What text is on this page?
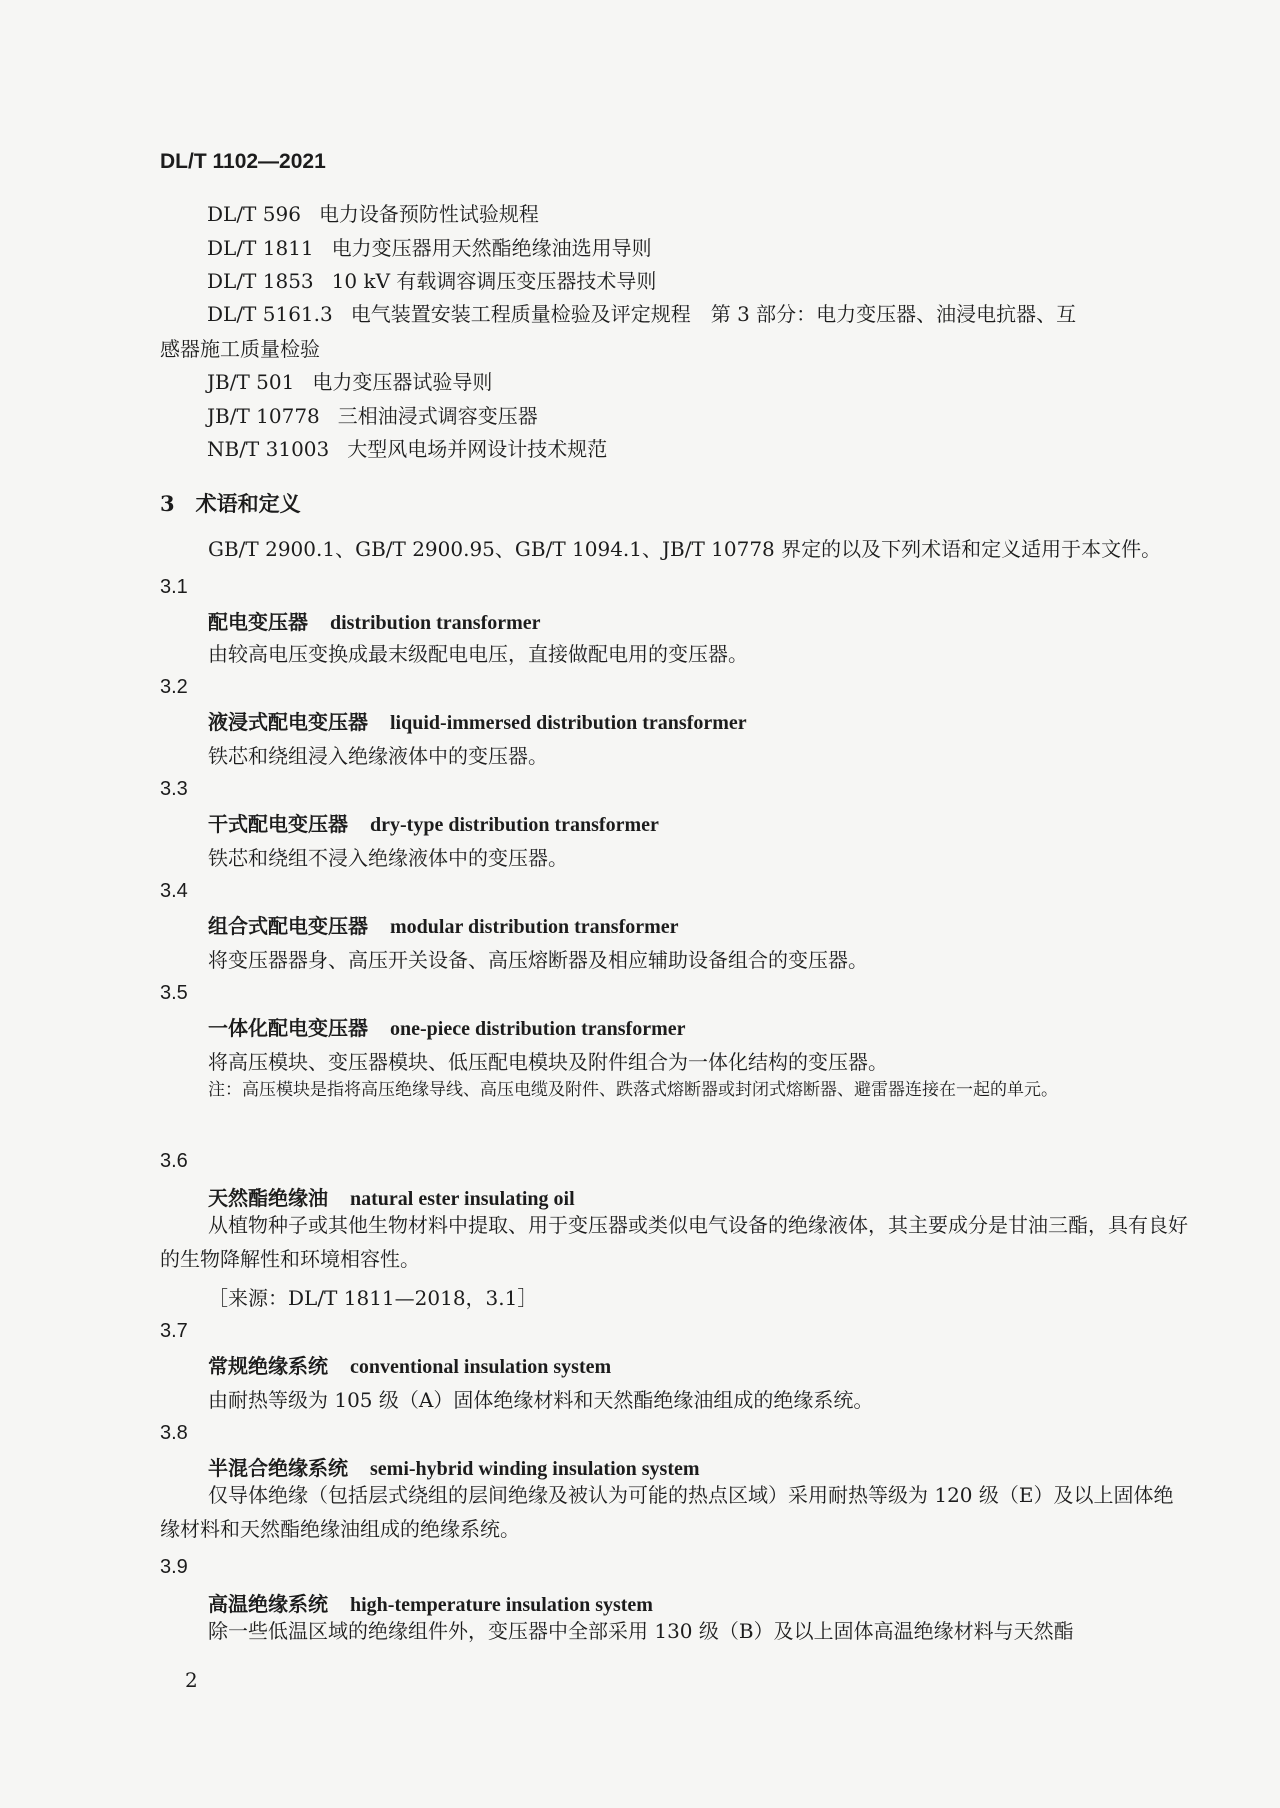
DL/T 1102—2021
DL/T 596 电力设备预防性试验规程
DL/T 1811 电力变压器用天然酯绝缘油选用导则
DL/T 1853 10 kV 有载调容调压变压器技术导则
DL/T 5161.3 电气装置安装工程质量检验及评定规程　第 3 部分：电力变压器、油浸电抗器、互
感器施工质量检验
JB/T 501 电力变压器试验导则
JB/T 10778 三相油浸式调容变压器
NB/T 31003 大型风电场并网设计技术规范
3　术语和定义
GB/T 2900.1、GB/T 2900.95、GB/T 1094.1、JB/T 10778 界定的以及下列术语和定义适用于本文件。
3.1
配电变压器 distribution transformer
由较高电压变换成最末级配电电压，直接做配电用的变压器。
3.2
液浸式配电变压器 liquid-immersed distribution transformer
铁芯和绕组浸入绝缘液体中的变压器。
3.3
干式配电变压器 dry-type distribution transformer
铁芯和绕组不浸入绝缘液体中的变压器。
3.4
组合式配电变压器 modular distribution transformer
将变压器器身、高压开关设备、高压熔断器及相应辅助设备组合的变压器。
3.5
一体化配电变压器 one-piece distribution transformer
将高压模块、变压器模块、低压配电模块及附件组合为一体化结构的变压器。
注：高压模块是指将高压绝缘导线、高压电缆及附件、跌落式熔断器或封闭式熔断器、避雷器连接在一起的单元。
3.6
天然酯绝缘油 natural ester insulating oil
从植物种子或其他生物材料中提取、用于变压器或类似电气设备的绝缘液体，其主要成分是甘油三酯，具有良好的生物降解性和环境相容性。
［来源：DL/T 1811—2018，3.1］
3.7
常规绝缘系统 conventional insulation system
由耐热等级为 105 级（A）固体绝缘材料和天然酯绝缘油组成的绝缘系统。
3.8
半混合绝缘系统 semi-hybrid winding insulation system
仅导体绝缘（包括层式绕组的层间绝缘及被认为可能的热点区域）采用耐热等级为 120 级（E）及以上固体绝缘材料和天然酯绝缘油组成的绝缘系统。
3.9
高温绝缘系统 high-temperature insulation system
除一些低温区域的绝缘组件外，变压器中全部采用 130 级（B）及以上固体高温绝缘材料与天然酯
2
